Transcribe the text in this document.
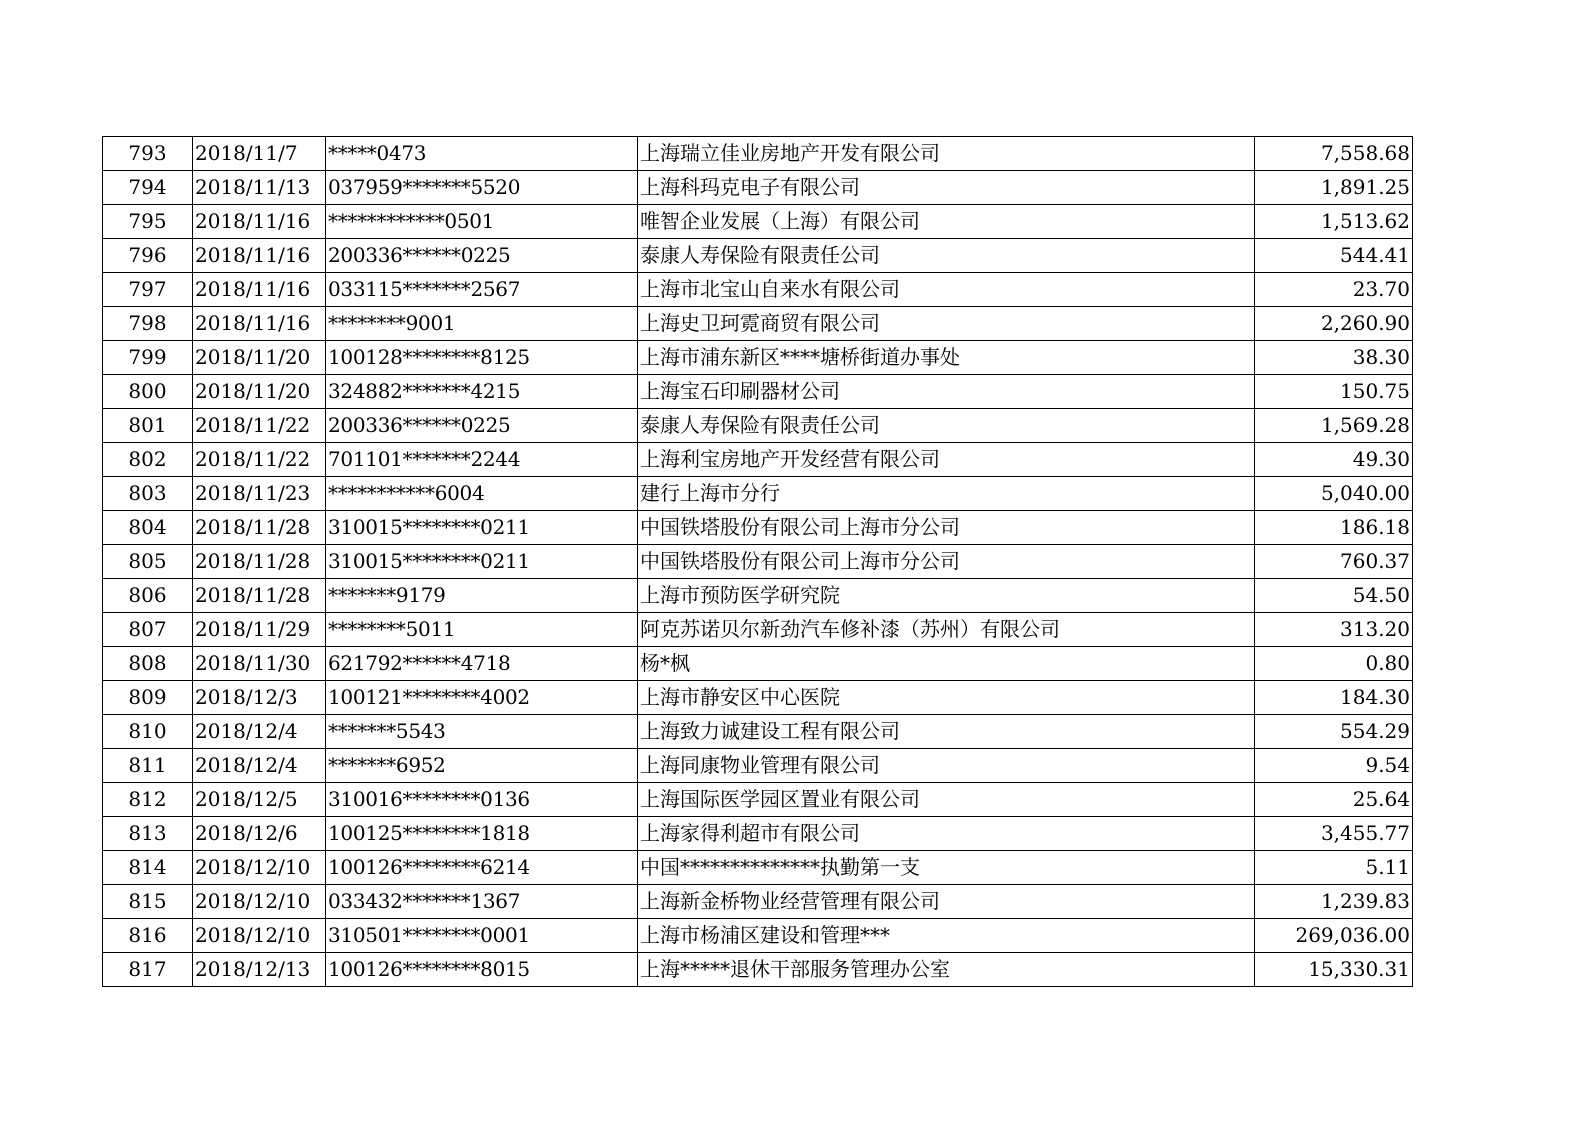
793	2018/11/7	*****0473	上海瑞立佳业房地产开发有限公司	7,558.68
794	2018/11/13	037959*******5520	上海科玛克电子有限公司	1,891.25
795	2018/11/16	************0501	唯智企业发展（上海）有限公司	1,513.62
796	2018/11/16	200336******0225	泰康人寿保险有限责任公司	544.41
797	2018/11/16	033115*******2567	上海市北宝山自来水有限公司	23.70
798	2018/11/16	********9001	上海史卫珂霓商贸有限公司	2,260.90
799	2018/11/20	100128********8125	上海市浦东新区****塘桥街道办事处	38.30
800	2018/11/20	324882*******4215	上海宝石印刷器材公司	150.75
801	2018/11/22	200336******0225	泰康人寿保险有限责任公司	1,569.28
802	2018/11/22	701101*******2244	上海利宝房地产开发经营有限公司	49.30
803	2018/11/23	***********6004	建行上海市分行	5,040.00
804	2018/11/28	310015********0211	中国铁塔股份有限公司上海市分公司	186.18
805	2018/11/28	310015********0211	中国铁塔股份有限公司上海市分公司	760.37
806	2018/11/28	*******9179	上海市预防医学研究院	54.50
807	2018/11/29	********5011	阿克苏诺贝尔新劲汽车修补漆（苏州）有限公司	313.20
808	2018/11/30	621792******4718	杨*枫	0.80
809	2018/12/3	100121********4002	上海市静安区中心医院	184.30
810	2018/12/4	*******5543	上海致力诚建设工程有限公司	554.29
811	2018/12/4	*******6952	上海同康物业管理有限公司	9.54
812	2018/12/5	310016********0136	上海国际医学园区置业有限公司	25.64
813	2018/12/6	100125********1818	上海家得利超市有限公司	3,455.77
814	2018/12/10	100126********6214	中国**************执勤第一支	5.11
815	2018/12/10	033432*******1367	上海新金桥物业经营管理有限公司	1,239.83
816	2018/12/10	310501********0001	上海市杨浦区建设和管理***	269,036.00
817	2018/12/13	100126********8015	上海*****退休干部服务管理办公室	15,330.31
